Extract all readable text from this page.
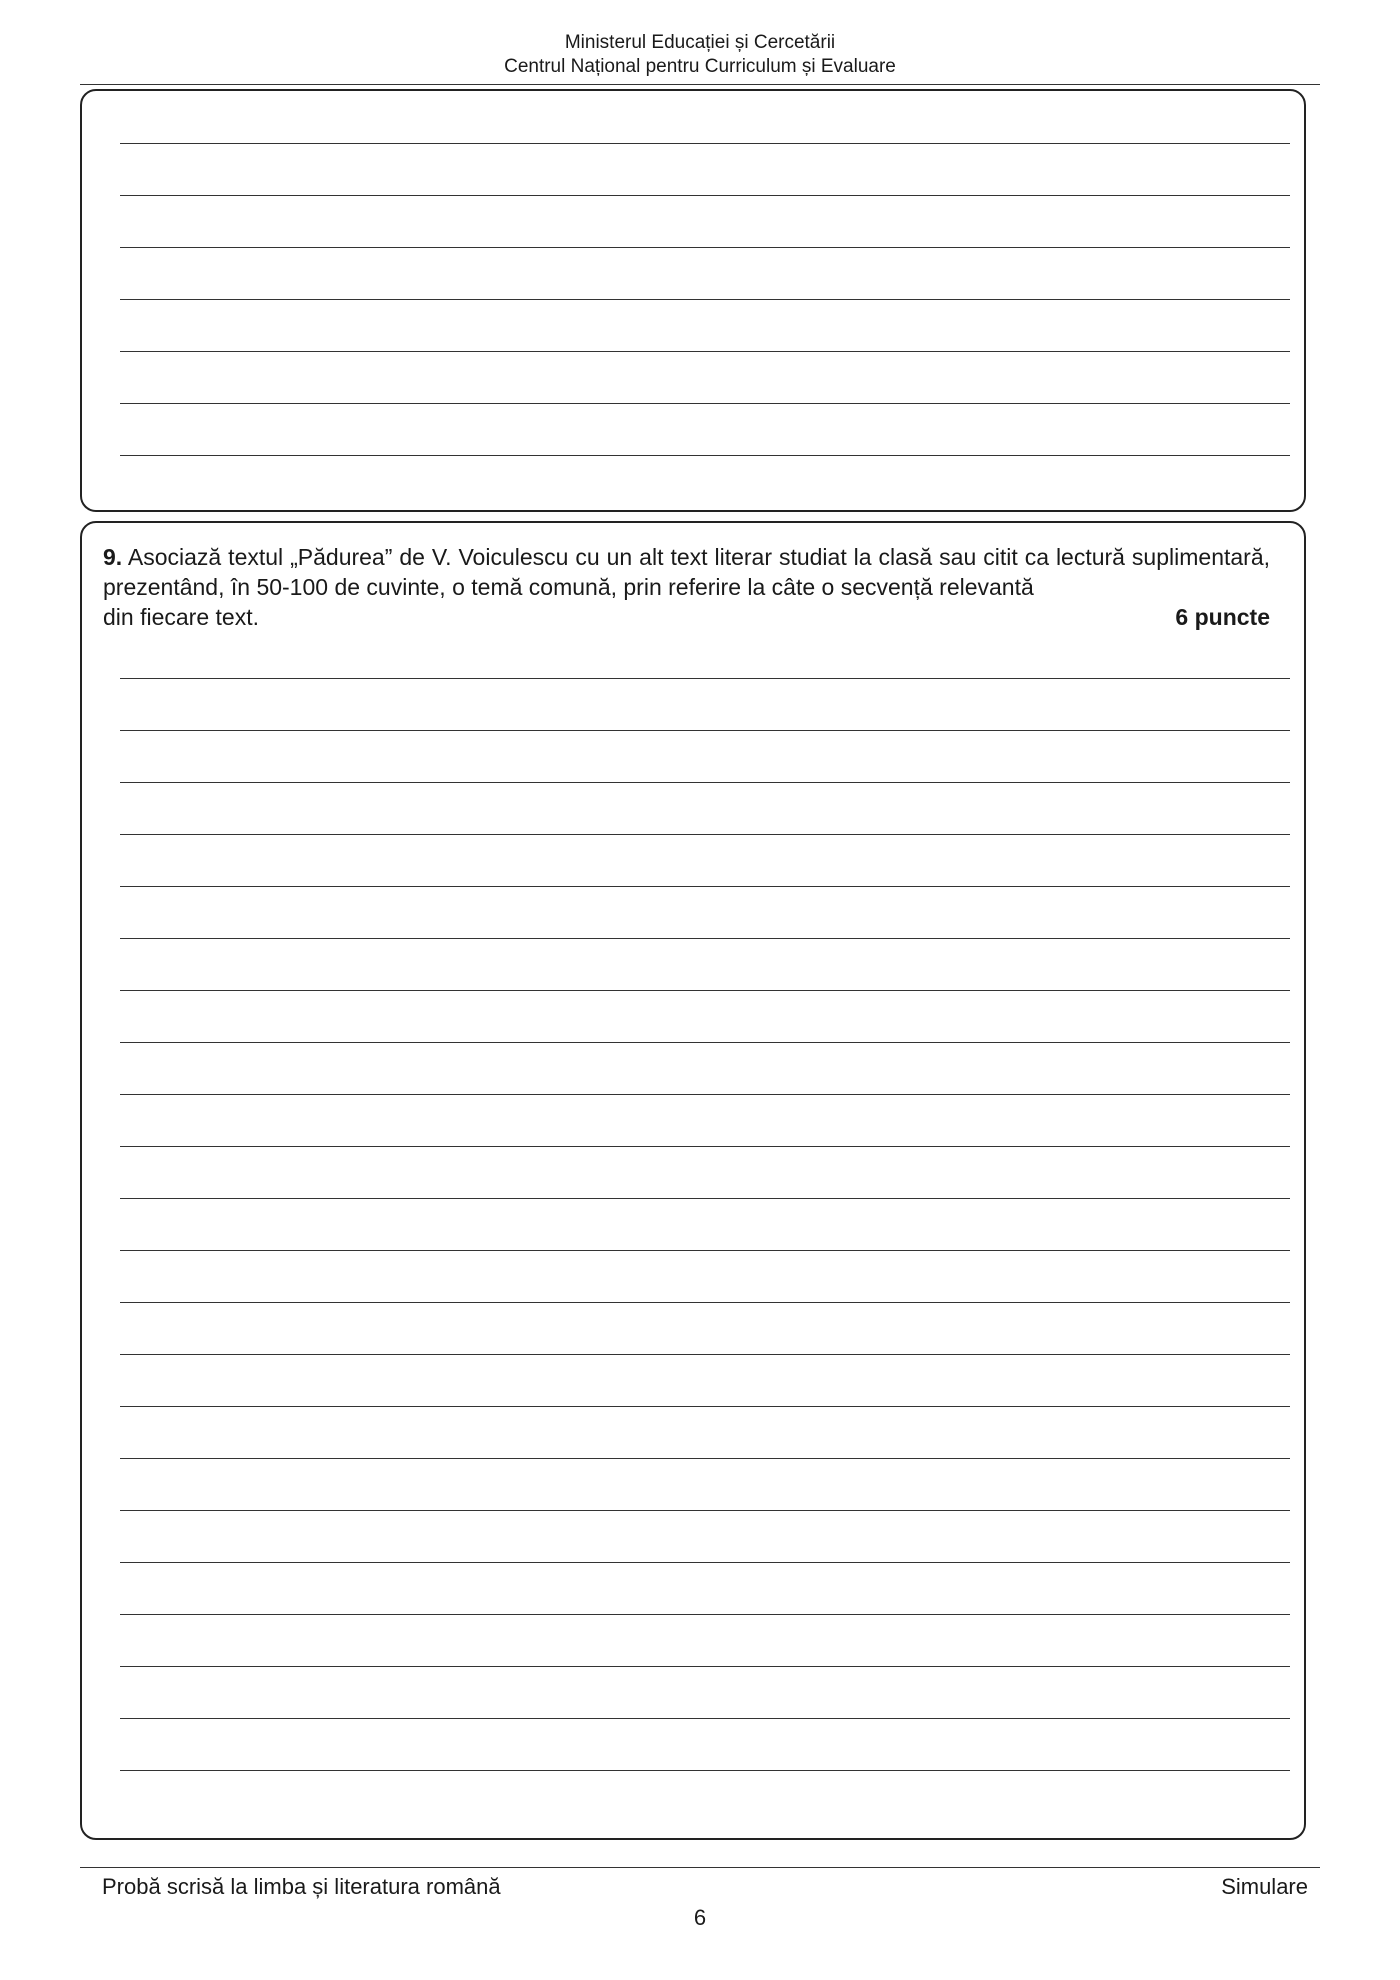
Ministerul Educației și Cercetării
Centrul Național pentru Curriculum și Evaluare
9. Asociază textul „Pădurea” de V. Voiculescu cu un alt text literar studiat la clasă sau citit ca lectură suplimentară, prezentând, în 50-100 de cuvinte, o temă comună, prin referire la câte o secvență relevantă
din fiecare text.	6 puncte
Probă scrisă la limba și literatura română	Simulare
6
